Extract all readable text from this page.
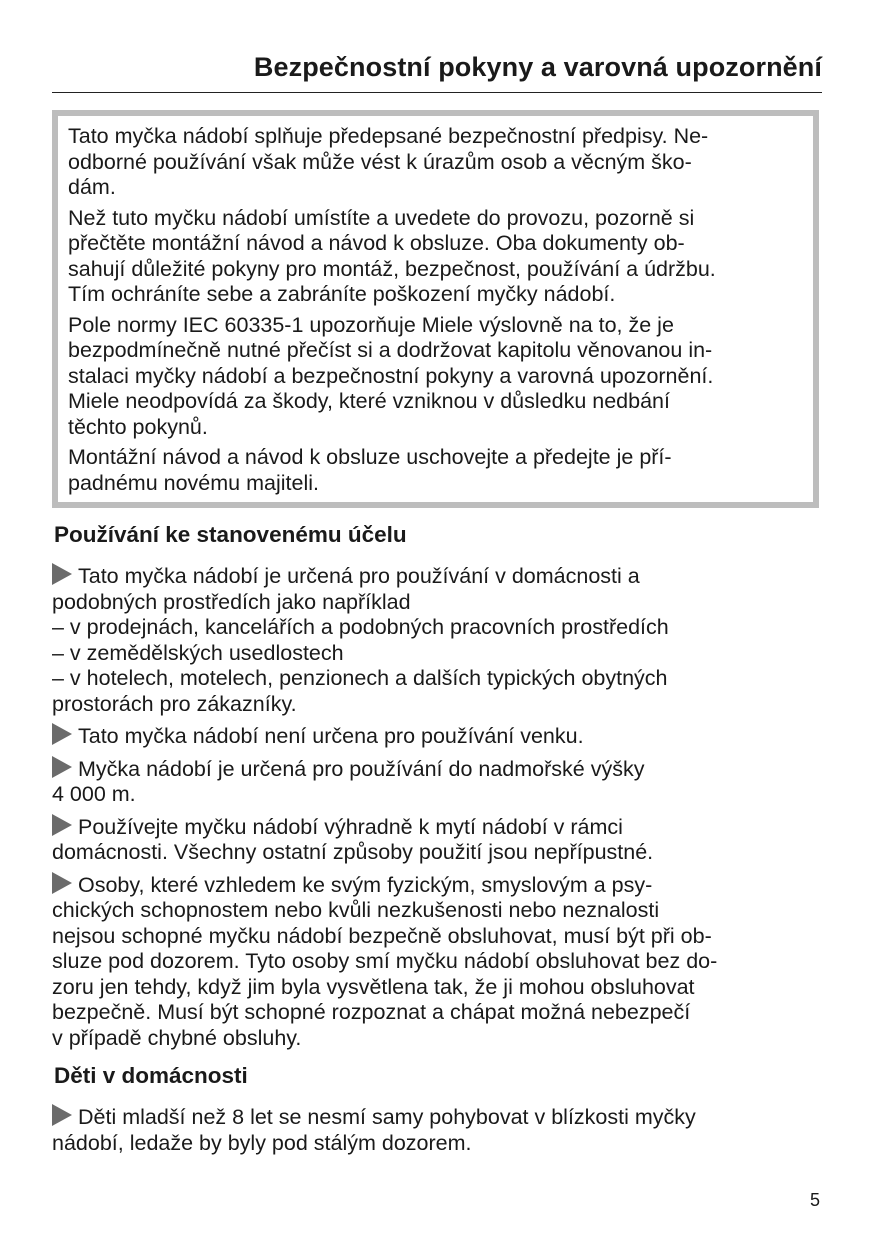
Bezpečnostní pokyny a varovná upozornění

Tato myčka nádobí splňuje předepsané bezpečnostní předpisy. Ne-
odborné používání však může vést k úrazům osob a věcným ško-
dám.

Než tuto myčku nádobí umístíte a uvedete do provozu, pozorně si
přečtěte montážní návod a návod k obsluze. Oba dokumenty ob-
sahují důležité pokyny pro montáž, bezpečnost, používání a údržbu.
Tím ochráníte sebe a zabráníte poškození myčky nádobí.

Pole normy IEC 60335-1 upozorňuje Miele výslovně na to, že je
bezpodmínečně nutné přečíst si a dodržovat kapitolu věnovanou in-
stalaci myčky nádobí a bezpečnostní pokyny a varovná upozornění.
Miele neodpovídá za škody, které vzniknou v důsledku nedbání
těchto pokynů.

Montážní návod a návod k obsluze uschovejte a předejte je pří-
padnému novému majiteli.

Používání ke stanovenému účelu

Tato myčka nádobí je určená pro používání v domácnosti a
podobných prostředích jako například
– v prodejnách, kancelářích a podobných pracovních prostředích
– v zemědělských usedlostech
– v hotelech, motelech, penzionech a dalších typických obytných
prostorách pro zákazníky.

Tato myčka nádobí není určena pro používání venku.

Myčka nádobí je určená pro používání do nadmořské výšky
4 000 m.

Používejte myčku nádobí výhradně k mytí nádobí v rámci
domácnosti. Všechny ostatní způsoby použití jsou nepřípustné.

Osoby, které vzhledem ke svým fyzickým, smyslovým a psy-
chických schopnostem nebo kvůli nezkušenosti nebo neznalosti
nejsou schopné myčku nádobí bezpečně obsluhovat, musí být při ob-
sluze pod dozorem. Tyto osoby smí myčku nádobí obsluhovat bez do-
zoru jen tehdy, když jim byla vysvětlena tak, že ji mohou obsluhovat
bezpečně. Musí být schopné rozpoznat a chápat možná nebezpečí
v případě chybné obsluhy.

Děti v domácnosti

Děti mladší než 8 let se nesmí samy pohybovat v blízkosti myčky
nádobí, ledaže by byly pod stálým dozorem.

5
